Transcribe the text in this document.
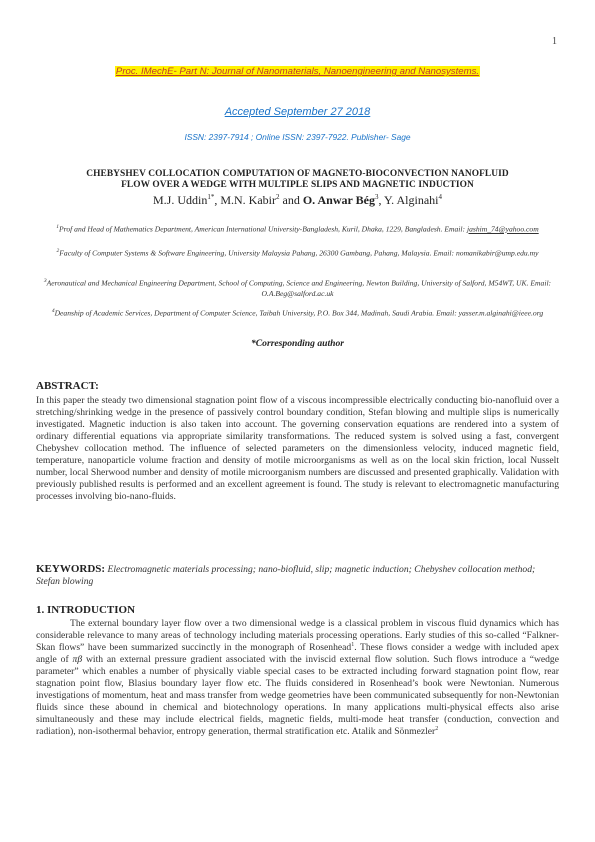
1
Proc. IMechE- Part N: Journal of Nanomaterials, Nanoengineering and Nanosystems.
Accepted September 27 2018
ISSN: 2397-7914 ; Online ISSN: 2397-7922. Publisher- Sage
CHEBYSHEV COLLOCATION COMPUTATION OF MAGNETO-BIOCONVECTION NANOFLUID
FLOW OVER A WEDGE WITH MULTIPLE SLIPS AND MAGNETIC INDUCTION
M.J. Uddin$^{1*}$, M.N. Kabir$^2$ and O. Anwar Bég$^3$, Y. Alginahi$^4$
$^1$Prof and Head of Mathematics Department, American International University-Bangladesh, Kuril, Dhaka, 1229, Bangladesh. Email: jashim_74@yahoo.com
$^2$Faculty of Computer Systems & Software Engineering, University Malaysia Pahang, 26300 Gambang, Pahang, Malaysia. Email: nomanikabir@ump.edu.my
$^3$Aeronautical and Mechanical Engineering Department, School of Computing, Science and Engineering, Newton Building, University of Salford, M54WT, UK. Email: O.A.Beg@salford.ac.uk
$^4$Deanship of Academic Services, Department of Computer Science, Taibah University, P.O. Box 344, Madinah, Saudi Arabia. Email: yasser.m.alginahi@ieee.org
*Corresponding author
ABSTRACT:
In this paper the steady two dimensional stagnation point flow of a viscous incompressible electrically conducting bio-nanofluid over a stretching/shrinking wedge in the presence of passively control boundary condition, Stefan blowing and multiple slips is numerically investigated. Magnetic induction is also taken into account. The governing conservation equations are rendered into a system of ordinary differential equations via appropriate similarity transformations. The reduced system is solved using a fast, convergent Chebyshev collocation method. The influence of selected parameters on the dimensionless velocity, induced magnetic field, temperature, nanoparticle volume fraction and density of motile microorganisms as well as on the local skin friction, local Nusselt number, local Sherwood number and density of motile microorganism numbers are discussed and presented graphically. Validation with previously published results is performed and an excellent agreement is found. The study is relevant to electromagnetic manufacturing processes involving bio-nano-fluids.
KEYWORDS: Electromagnetic materials processing; nano-biofluid, slip; magnetic induction; Chebyshev collocation method; Stefan blowing
1. INTRODUCTION

The external boundary layer flow over a two dimensional wedge is a classical problem in viscous fluid dynamics which has considerable relevance to many areas of technology including materials processing operations. Early studies of this so-called “Falkner-Skan flows” have been summarized succinctly in the monograph of Rosenhead$^1$. These flows consider a wedge with included apex angle of πβ with an external pressure gradient associated with the inviscid external flow solution. Such flows introduce a “wedge parameter” which enables a number of physically viable special cases to be extracted including forward stagnation point flow, rear stagnation point flow, Blasius boundary layer flow etc. The fluids considered in Rosenhead’s book were Newtonian. Numerous investigations of momentum, heat and mass transfer from wedge geometries have been communicated subsequently for non-Newtonian fluids since these abound in chemical and biotechnology operations. In many applications multi-physical effects also arise simultaneously and these may include electrical fields, magnetic fields, multi-mode heat transfer (conduction, convection and radiation), non-isothermal behavior, entropy generation, thermal stratification etc. Atalik and Sönmezler$^2$
